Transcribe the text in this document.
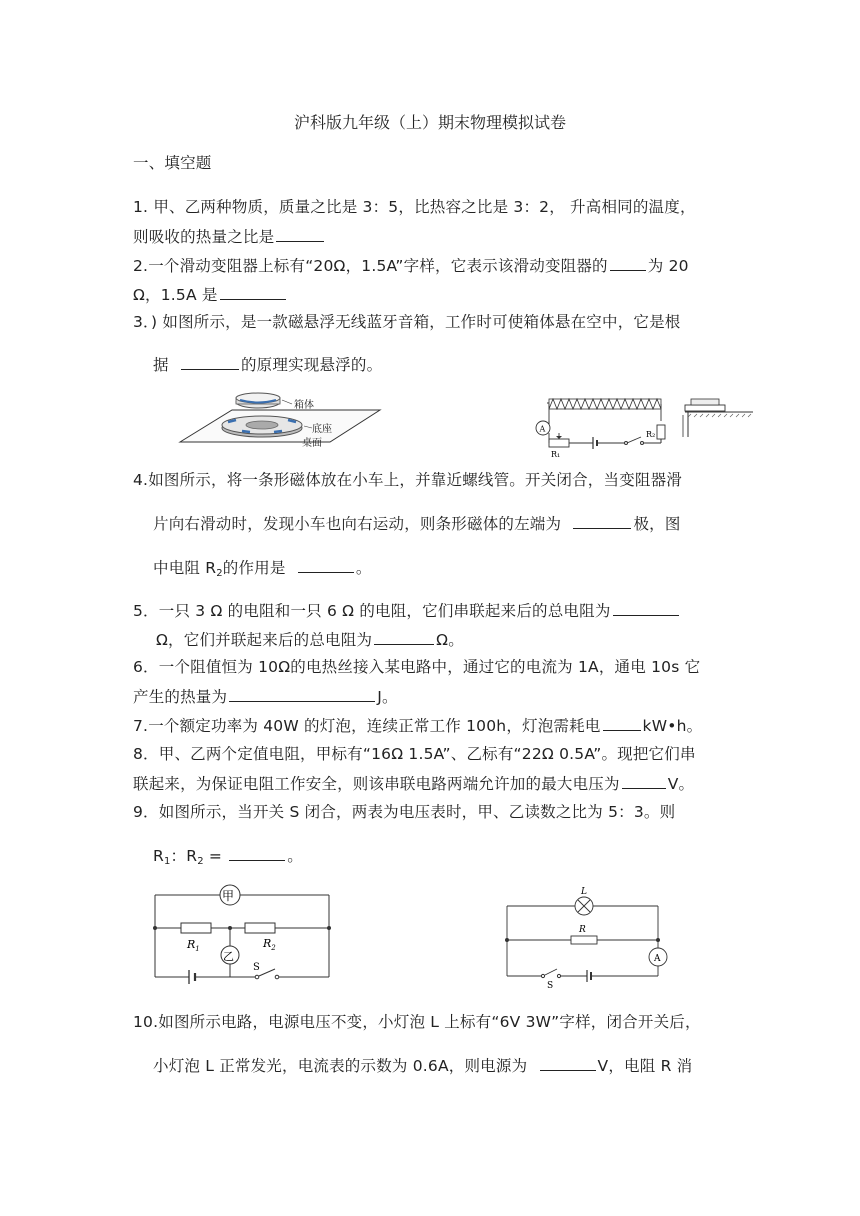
沪科版九年级（上）期末物理模拟试卷
一、填空题
1. 甲、乙两种物质，质量之比是 3：5，比热容之比是 3：2， 升高相同的温度，
则吸收的热量之比是
2.一个滑动变阻器上标有“20Ω，1.5A”字样，它表示该滑动变阻器的	为 20
Ω，1.5A 是
3．) 如图所示，是一款磁悬浮无线蓝牙音箱，工作时可使箱体悬在空中，它是根
据	的原理实现悬浮的。
箱体
底座
桌面
A
R₁
R₂
4.如图所示，将一条形磁体放在小车上，并靠近螺线管。开关闭合，当变阻器滑
片向右滑动时，发现小车也向右运动，则条形磁体的左端为	极，图
中电阻 $R_2$的作用是	。
5．一只 3 Ω 的电阻和一只 6 Ω 的电阻，它们串联起来后的总电阻为
Ω，它们并联起来后的总电阻为	Ω。
6．一个阻值恒为 10Ω的电热丝接入某电路中，通过它的电流为 1A，通电 10s 它
产生的热量为	J。
7.一个额定功率为 40W 的灯泡，连续正常工作 100h，灯泡需耗电	kW•h。
8．甲、乙两个定值电阻，甲标有“16Ω 1.5A”、乙标有“22Ω 0.5A”。现把它们串
联起来，为保证电阻工作安全，则该串联电路两端允许加的最大电压为	V。
9．如图所示，当开关 S 闭合，两表为电压表时，甲、乙读数之比为 5：3。则
$R_1$：$R_2$ =	。
甲
$R_1$	$R_2$
乙
S
L
R
A
S
10.如图所示电路，电源电压不变，小灯泡 L 上标有“6V 3W”字样，闭合开关后，
小灯泡 L 正常发光，电流表的示数为 0.6A，则电源为	V，电阻 R 消
